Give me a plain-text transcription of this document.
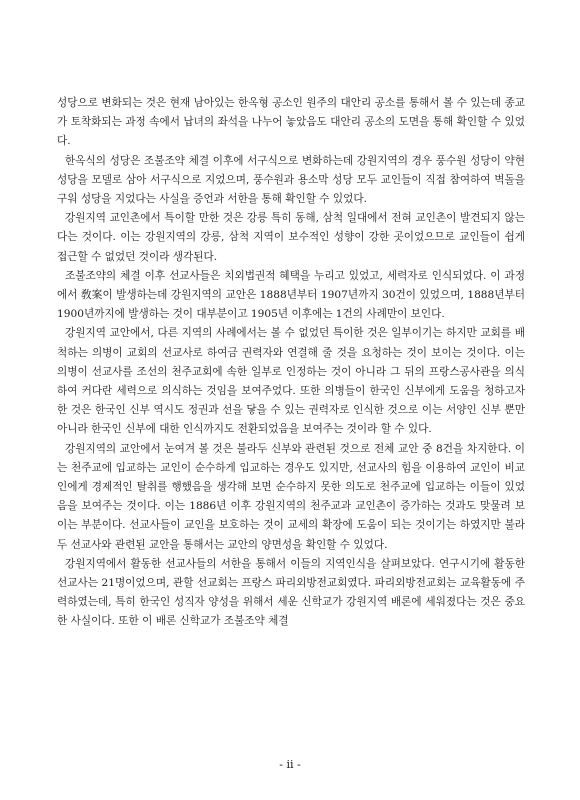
성당으로 변화되는 것은 현재 남아있는 한옥형 공소인 원주의 대안리 공소를 통해서 볼 수 있는데 종교가 토착화되는 과정 속에서 납녀의 좌석을 나누어 놓았음도 대안리 공소의 도면을 통해 확인할 수 있었다.

한옥식의 성당은 조불조약 체결 이후에 서구식으로 변화하는데 강원지역의 경우 풍수원 성당이 약현 성당을 모델로 삼아 서구식으로 지었으며, 풍수원과 용소막 성당 모두 교인들이 직접 참여하여 벽돌을 구워 성당을 지었다는 사실을 증언과 서한을 통해 확인할 수 있었다.

강원지역 교인촌에서 특이할 만한 것은 강릉 특히 동해, 삼척 일대에서 전혀 교인촌이 발견되지 않는다는 것이다. 이는 강원지역의 강릉, 삼척 지역이 보수적인 성향이 강한 곳이었으므로 교인들이 쉽게 접근할 수 없었던 것이라 생각된다.

조불조약의 체결 이후 선교사들은 치외법권적 혜택을 누리고 있었고, 세력자로 인식되었다. 이 과정에서 敎案이 발생하는데 강원지역의 교안은 1888년부터 1907년까지 30건이 있었으며, 1888년부터 1900년까지에 발생하는 것이 대부분이고 1905년 이후에는 1건의 사례만이 보인다.

강원지역 교안에서, 다른 지역의 사례에서는 볼 수 없었던 특이한 것은 일부이기는 하지만 교회를 배척하는 의병이 교회의 선교사로 하여금 권력자와 연결해 줄 것을 요청하는 것이 보이는 것이다. 이는 의병이 선교사를 조선의 천주교회에 속한 일부로 인정하는 것이 아니라 그 뒤의 프랑스공사관을 의식하여 커다란 세력으로 의식하는 것임을 보여주었다. 또한 의병들이 한국인 신부에게 도움을 청하고자 한 것은 한국인 신부 역시도 정권과 선을 닿을 수 있는 권력자로 인식한 것으로 이는 서양인 신부 뿐만 아니라 한국인 신부에 대한 인식까지도 전환되었음을 보여주는 것이라 할 수 있다.

강원지역의 교안에서 눈여겨 볼 것은 불라두 신부와 관련된 것으로 전체 교안 중 8건을 차지한다. 이는 천주교에 입교하는 교인이 순수하게 입교하는 경우도 있지만, 선교사의 힘을 이용하여 교인이 비교인에게 경제적인 탈취를 행했음을 생각해 보면 순수하지 못한 의도로 천주교에 입교하는 이들이 있었음을 보여주는 것이다. 이는 1886년 이후 강원지역의 천주교과 교인촌이 증가하는 것과도 맞물려 보이는 부분이다. 선교사들이 교인을 보호하는 것이 교세의 확장에 도움이 되는 것이기는 하였지만 불라두 선교사와 관련된 교안을 통해서는 교안의 양면성을 확인할 수 있었다.

강원지역에서 활동한 선교사들의 서한을 통해서 이들의 지역인식을 살펴보았다. 연구시기에 활동한 선교사는 21명이었으며, 관할 선교회는 프랑스 파리외방전교회였다. 파리외방전교회는 교육활동에 주력하였는데, 특히 한국인 성직자 양성을 위해서 세운 신학교가 강원지역 배론에 세워졌다는 것은 중요한 사실이다. 또한 이 배론 신학교가 조불조약 체결

- ii -
